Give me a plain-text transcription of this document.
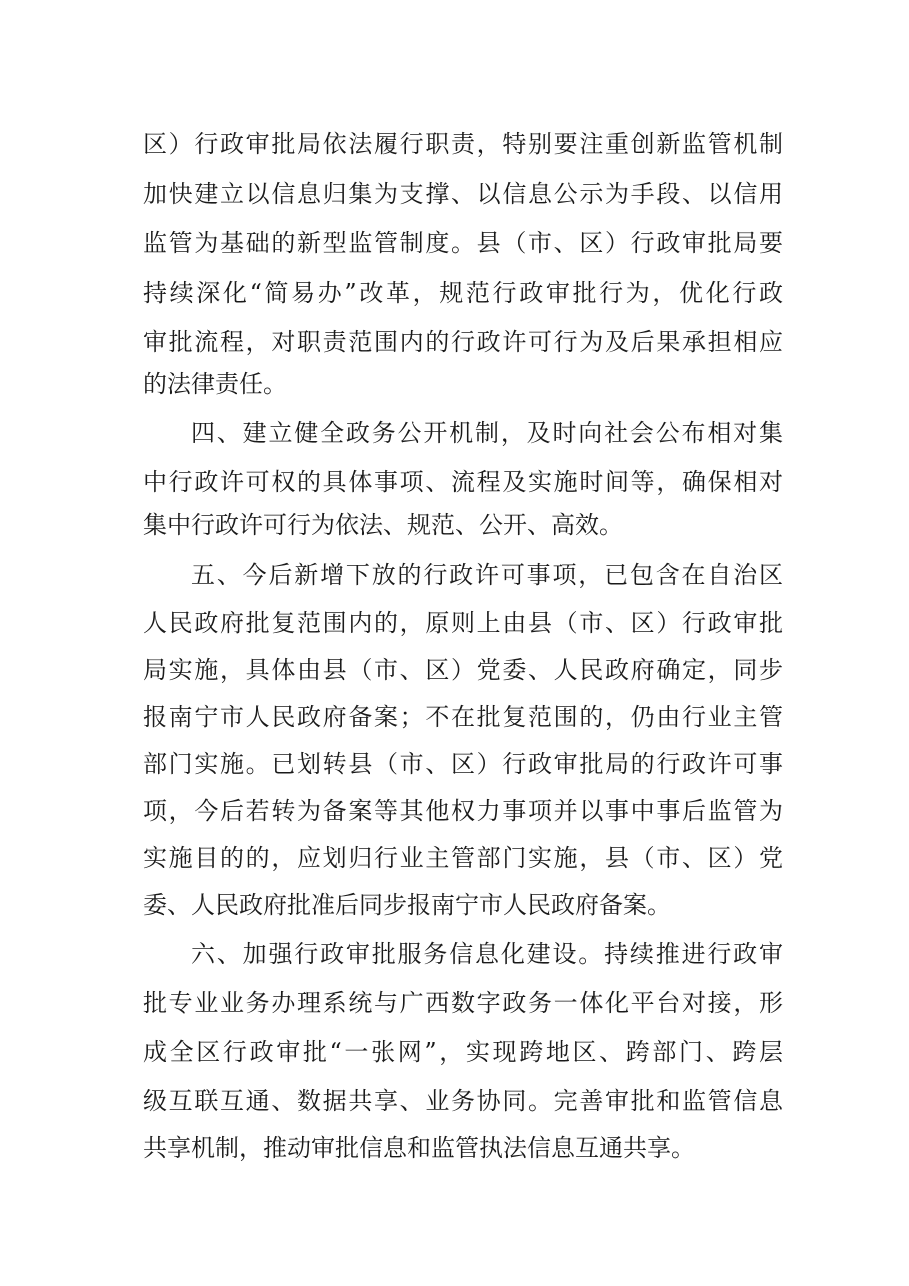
区）行政审批局依法履行职责，特别要注重创新监管机制
加快建立以信息归集为支撑、以信息公示为手段、以信用
监管为基础的新型监管制度。县（市、区）行政审批局要
持续深化“简易办”改革，规范行政审批行为，优化行政
审批流程，对职责范围内的行政许可行为及后果承担相应
的法律责任。
四、建立健全政务公开机制，及时向社会公布相对集
中行政许可权的具体事项、流程及实施时间等，确保相对
集中行政许可行为依法、规范、公开、高效。
五、今后新增下放的行政许可事项，已包含在自治区
人民政府批复范围内的，原则上由县（市、区）行政审批
局实施，具体由县（市、区）党委、人民政府确定，同步
报南宁市人民政府备案；不在批复范围的，仍由行业主管
部门实施。已划转县（市、区）行政审批局的行政许可事
项，今后若转为备案等其他权力事项并以事中事后监管为
实施目的的，应划归行业主管部门实施，县（市、区）党
委、人民政府批准后同步报南宁市人民政府备案。
六、加强行政审批服务信息化建设。持续推进行政审
批专业业务办理系统与广西数字政务一体化平台对接，形
成全区行政审批“一张网”，实现跨地区、跨部门、跨层
级互联互通、数据共享、业务协同。完善审批和监管信息
共享机制，推动审批信息和监管执法信息互通共享。
